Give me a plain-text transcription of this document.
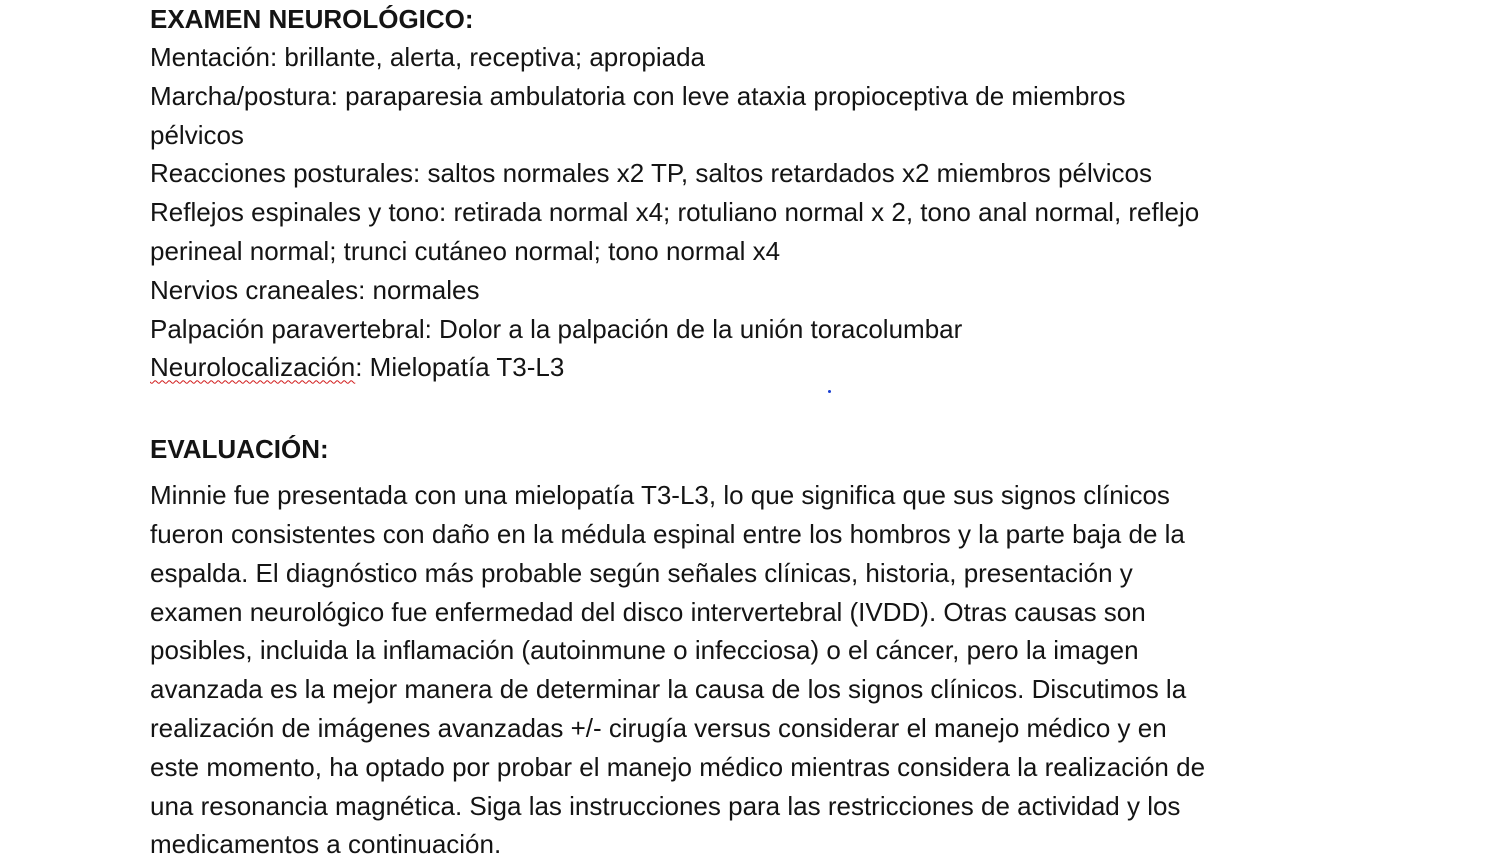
EXAMEN NEUROLÓGICO:
Mentación: brillante, alerta, receptiva; apropiada
Marcha/postura: paraparesia ambulatoria con leve ataxia propioceptiva de miembros
pélvicos
Reacciones posturales: saltos normales x2 TP, saltos retardados x2 miembros pélvicos
Reflejos espinales y tono: retirada normal x4; rotuliano normal x 2, tono anal normal, reflejo
perineal normal; trunci cutáneo normal; tono normal x4
Nervios craneales: normales
Palpación paravertebral: Dolor a la palpación de la unión toracolumbar
Neurolocalización: Mielopatía T3-L3
EVALUACIÓN:
Minnie fue presentada con una mielopatía T3-L3, lo que significa que sus signos clínicos
fueron consistentes con daño en la médula espinal entre los hombros y la parte baja de la
espalda. El diagnóstico más probable según señales clínicas, historia, presentación y
examen neurológico fue enfermedad del disco intervertebral (IVDD). Otras causas son
posibles, incluida la inflamación (autoinmune o infecciosa) o el cáncer, pero la imagen
avanzada es la mejor manera de determinar la causa de los signos clínicos. Discutimos la
realización de imágenes avanzadas +/- cirugía versus considerar el manejo médico y en
este momento, ha optado por probar el manejo médico mientras considera la realización de
una resonancia magnética. Siga las instrucciones para las restricciones de actividad y los
medicamentos a continuación.
